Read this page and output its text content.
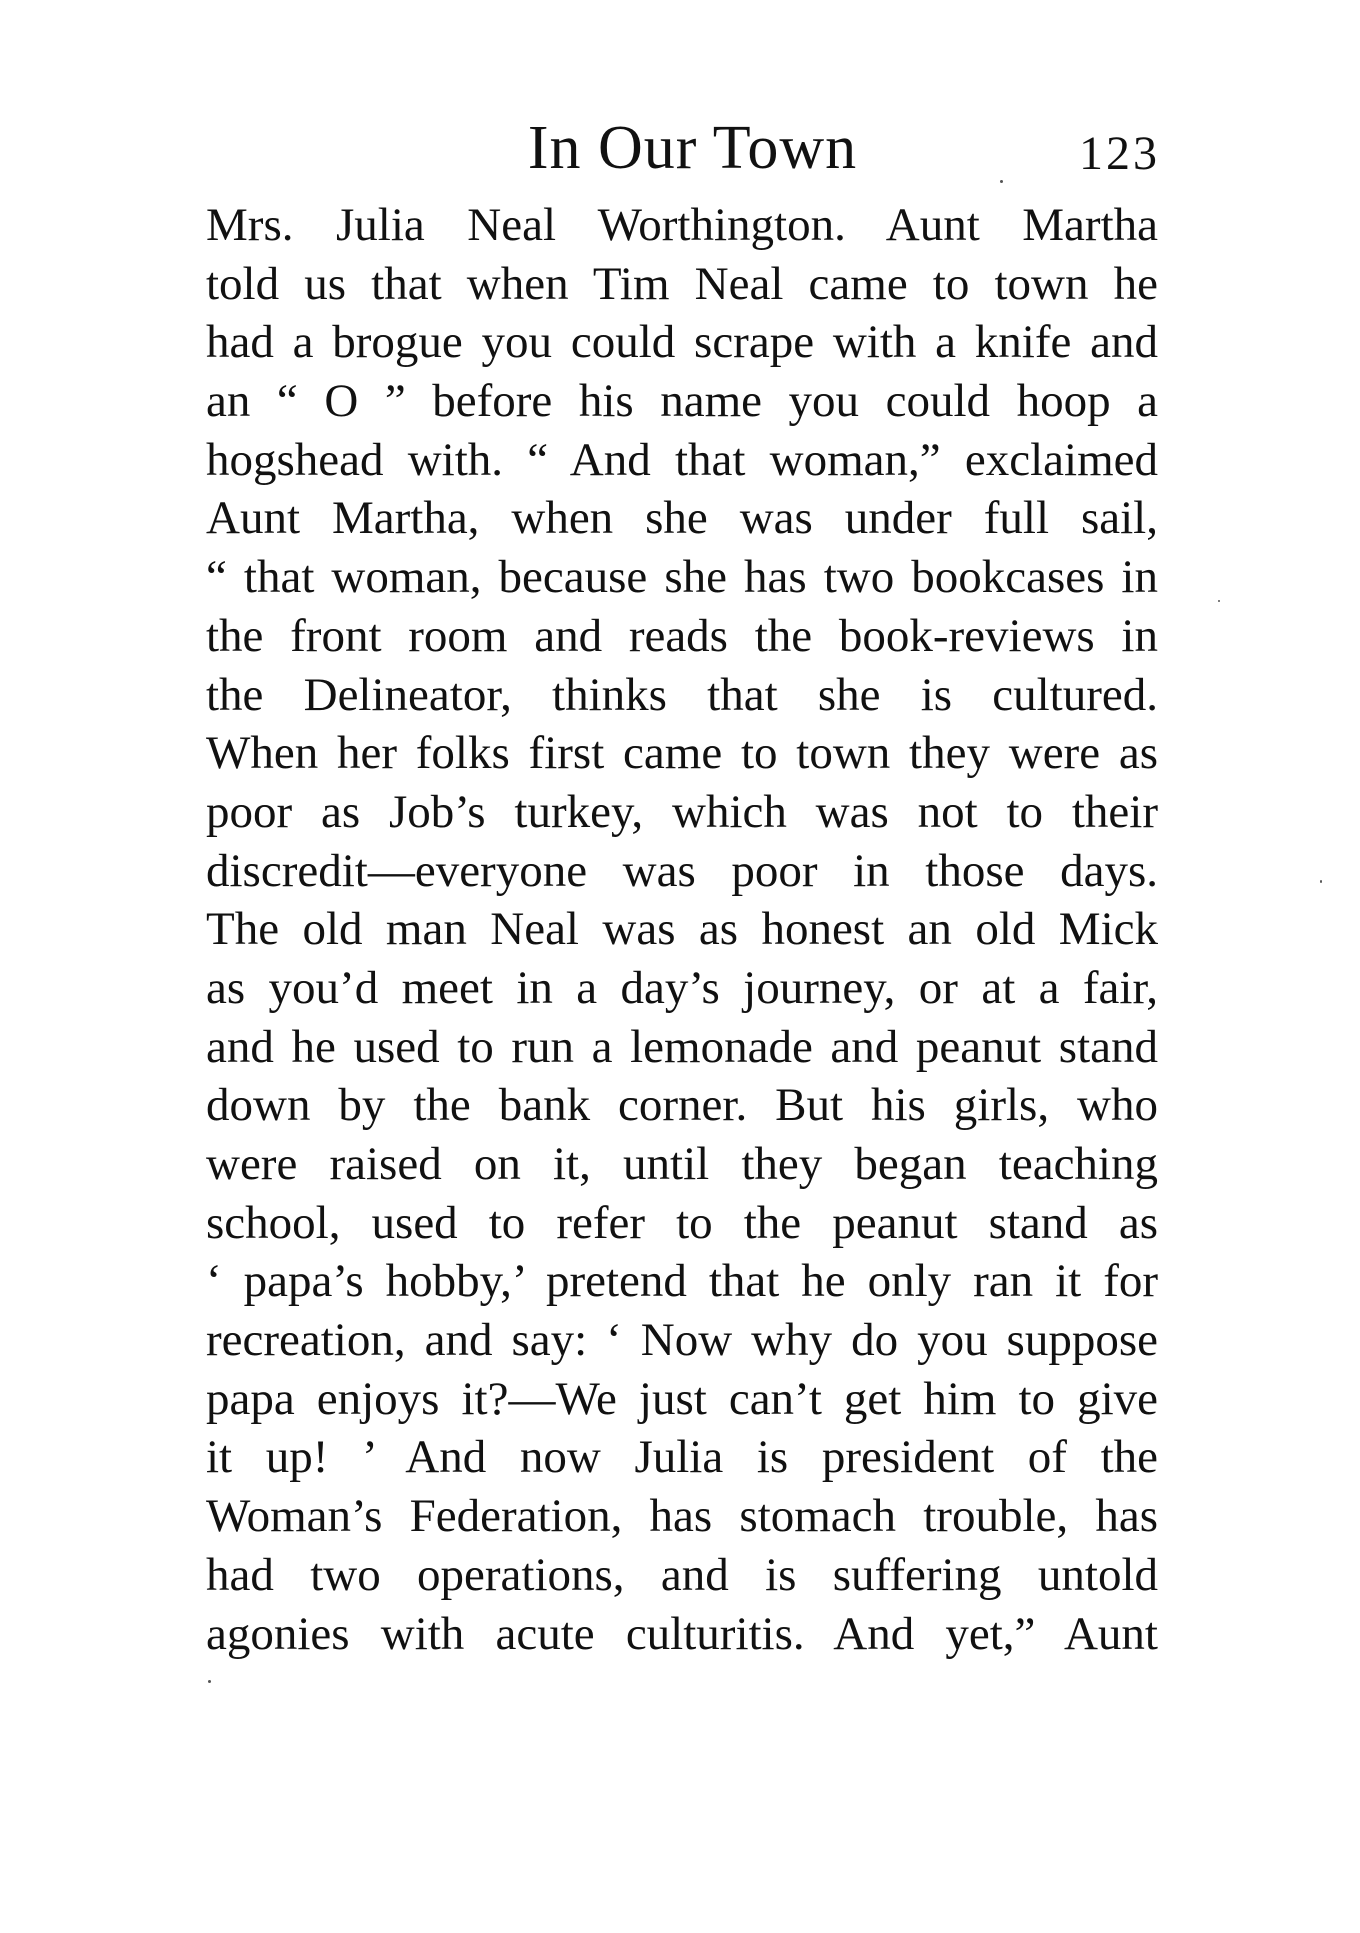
In Our Town	123
Mrs. Julia Neal Worthington. Aunt Martha
told us that when Tim Neal came to town he
had a brogue you could scrape with a knife and
an “ O ” before his name you could hoop a
hogshead with. “ And that woman,” exclaimed
Aunt Martha, when she was under full sail,
“ that woman, because she has two bookcases in
the front room and reads the book-reviews in
the Delineator, thinks that she is cultured.
When her folks first came to town they were as
poor as Job’s turkey, which was not to their
discredit—everyone was poor in those days.
The old man Neal was as honest an old Mick
as you’d meet in a day’s journey, or at a fair,
and he used to run a lemonade and peanut stand
down by the bank corner. But his girls, who
were raised on it, until they began teaching
school, used to refer to the peanut stand as
‘ papa’s hobby,’ pretend that he only ran it for
recreation, and say: ‘ Now why do you suppose
papa enjoys it?—We just can’t get him to give
it up! ’ And now Julia is president of the
Woman’s Federation, has stomach trouble, has
had two operations, and is suffering untold
agonies with acute culturitis. And yet,” Aunt
